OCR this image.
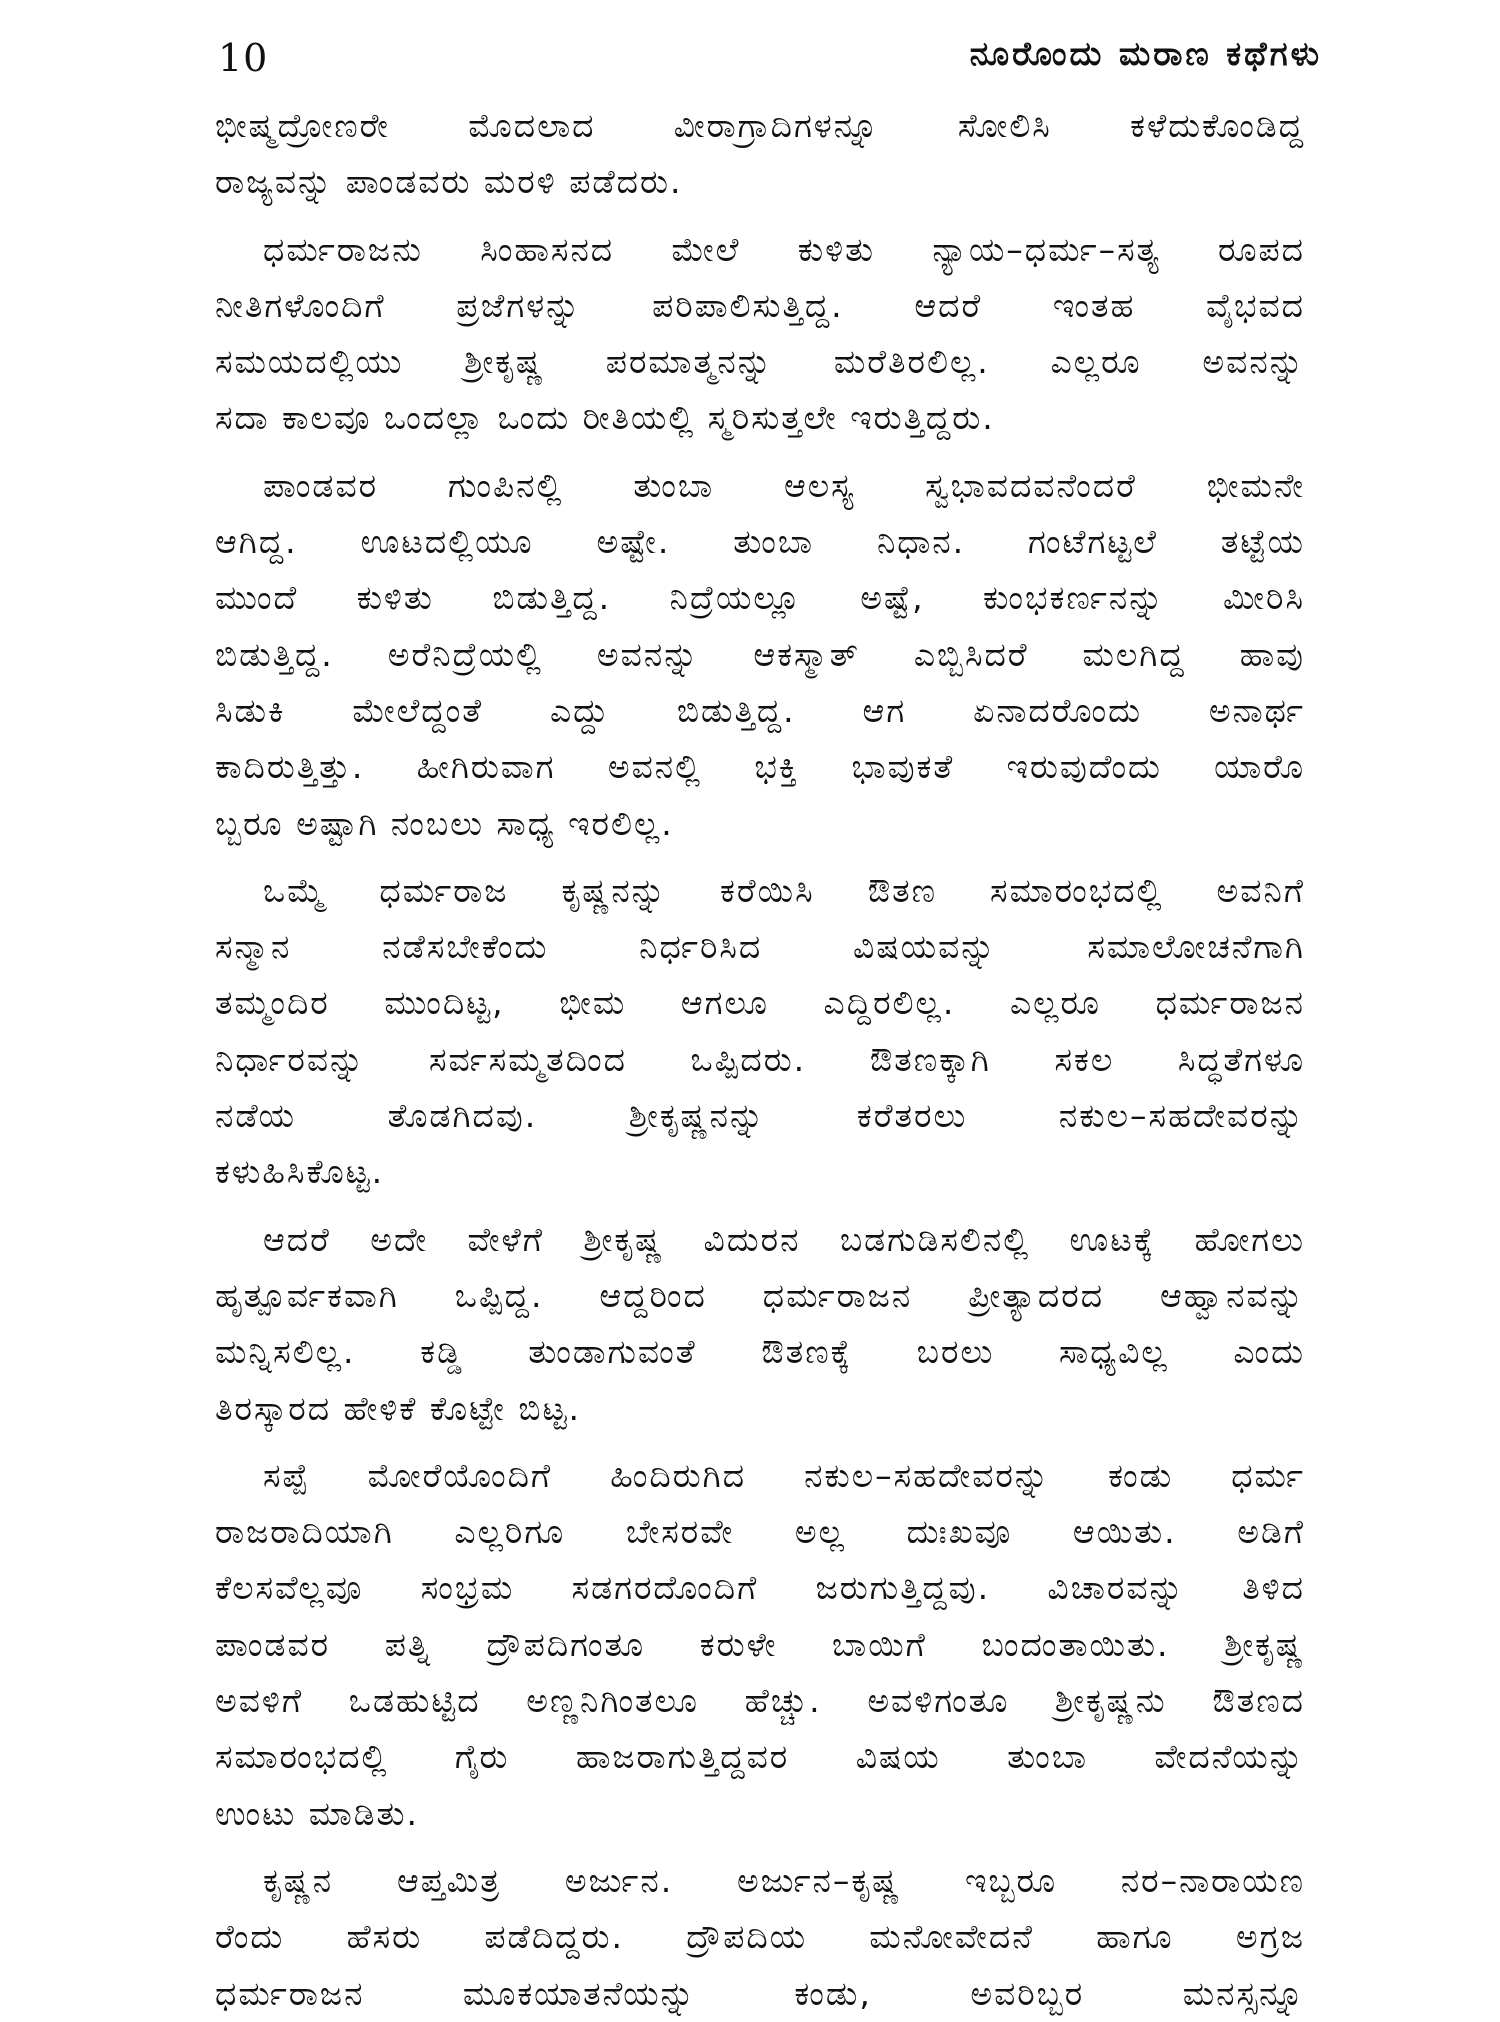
10	ನೂರೊಂದು ಮರಾಣ ಕಥೆಗಳು
ಭೀಷ್ಮದ್ರೋಣರೇ ಮೊದಲಾದ ವೀರಾಗ್ರಾದಿಗಳನ್ನೂ ಸೋಲಿಸಿ ಕಳೆದುಕೊಂಡಿದ್ದ
ರಾಜ್ಯವನ್ನು ಪಾಂಡವರು ಮರಳಿ ಪಡೆದರು.
ಧರ್ಮರಾಜನು ಸಿಂಹಾಸನದ ಮೇಲೆ ಕುಳಿತು ನ್ಯಾಯ–ಧರ್ಮ–ಸತ್ಯ ರೂಪದ
ನೀತಿಗಳೊಂದಿಗೆ ಪ್ರಜೆಗಳನ್ನು ಪರಿಪಾಲಿಸುತ್ತಿದ್ದ. ಆದರೆ ಇಂತಹ ವೈಭವದ
ಸಮಯದಲ್ಲಿಯು ಶ್ರೀಕೃಷ್ಣ ಪರಮಾತ್ಮನನ್ನು ಮರೆತಿರಲಿಲ್ಲ. ಎಲ್ಲರೂ ಅವನನ್ನು
ಸದಾ ಕಾಲವೂ ಒಂದಲ್ಲಾ ಒಂದು ರೀತಿಯಲ್ಲಿ ಸ್ಮರಿಸುತ್ತಲೇ ಇರುತ್ತಿದ್ದರು.
ಪಾಂಡವರ ಗುಂಪಿನಲ್ಲಿ ತುಂಬಾ ಆಲಸ್ಯ ಸ್ವಭಾವದವನೆಂದರೆ ಭೀಮನೇ
ಆಗಿದ್ದ. ಊಟದಲ್ಲಿಯೂ ಅಷ್ಟೇ. ತುಂಬಾ ನಿಧಾನ. ಗಂಟೆಗಟ್ಟಲೆ ತಟ್ಟೆಯ
ಮುಂದೆ ಕುಳಿತು ಬಿಡುತ್ತಿದ್ದ. ನಿದ್ರೆಯಲ್ಲೂ ಅಷ್ಟೆ, ಕುಂಭಕರ್ಣನನ್ನು ಮೀರಿಸಿ
ಬಿಡುತ್ತಿದ್ದ. ಅರೆನಿದ್ರೆಯಲ್ಲಿ ಅವನನ್ನು ಆಕಸ್ಮಾತ್ ಎಬ್ಬಿಸಿದರೆ ಮಲಗಿದ್ದ ಹಾವು
ಸಿಡುಕಿ ಮೇಲೆದ್ದಂತೆ ಎದ್ದು ಬಿಡುತ್ತಿದ್ದ. ಆಗ ಏನಾದರೊಂದು ಅನಾರ್ಥ
ಕಾದಿರುತ್ತಿತ್ತು. ಹೀಗಿರುವಾಗ ಅವನಲ್ಲಿ ಭಕ್ತಿ ಭಾವುಕತೆ ಇರುವುದೆಂದು ಯಾರೊ
ಬ್ಬರೂ ಅಷ್ಟಾಗಿ ನಂಬಲು ಸಾಧ್ಯ ಇರಲಿಲ್ಲ.
ಒಮ್ಮೆ ಧರ್ಮರಾಜ ಕೃಷ್ಣನನ್ನು ಕರೆಯಿಸಿ ಔತಣ ಸಮಾರಂಭದಲ್ಲಿ ಅವನಿಗೆ
ಸನ್ಮಾನ ನಡೆಸಬೇಕೆಂದು ನಿರ್ಧರಿಸಿದ ವಿಷಯವನ್ನು ಸಮಾಲೋಚನೆಗಾಗಿ
ತಮ್ಮಂದಿರ ಮುಂದಿಟ್ಟ, ಭೀಮ ಆಗಲೂ ಎದ್ದಿರಲಿಲ್ಲ. ಎಲ್ಲರೂ ಧರ್ಮರಾಜನ
ನಿರ್ಧಾರವನ್ನು ಸರ್ವಸಮ್ಮತದಿಂದ ಒಪ್ಪಿದರು. ಔತಣಕ್ಕಾಗಿ ಸಕಲ ಸಿದ್ಧತೆಗಳೂ
ನಡೆಯ ತೊಡಗಿದವು. ಶ್ರೀಕೃಷ್ಣನನ್ನು ಕರೆತರಲು ನಕುಲ–ಸಹದೇವರನ್ನು
ಕಳುಹಿಸಿಕೊಟ್ಟ.
ಆದರೆ ಅದೇ ವೇಳೆಗೆ ಶ್ರೀಕೃಷ್ಣ ವಿದುರನ ಬಡಗುಡಿಸಲಿನಲ್ಲಿ ಊಟಕ್ಕೆ ಹೋಗಲು
ಹೃತ್ಪೂರ್ವಕವಾಗಿ ಒಪ್ಪಿದ್ದ. ಆದ್ದರಿಂದ ಧರ್ಮರಾಜನ ಪ್ರೀತ್ಯಾದರದ ಆಹ್ವಾನವನ್ನು
ಮನ್ನಿಸಲಿಲ್ಲ. ಕಡ್ಡಿ ತುಂಡಾಗುವಂತೆ ಔತಣಕ್ಕೆ ಬರಲು ಸಾಧ್ಯವಿಲ್ಲ ಎಂದು
ತಿರಸ್ಕಾರದ ಹೇಳಿಕೆ ಕೊಟ್ಟೇ ಬಿಟ್ಟ.
ಸಪ್ಪೆ ಮೋರೆಯೊಂದಿಗೆ ಹಿಂದಿರುಗಿದ ನಕುಲ–ಸಹದೇವರನ್ನು ಕಂಡು ಧರ್ಮ
ರಾಜರಾದಿಯಾಗಿ ಎಲ್ಲರಿಗೂ ಬೇಸರವೇ ಅಲ್ಲ ದುಃಖವೂ ಆಯಿತು. ಅಡಿಗೆ
ಕೆಲಸವೆಲ್ಲವೂ ಸಂಭ್ರಮ ಸಡಗರದೊಂದಿಗೆ ಜರುಗುತ್ತಿದ್ದವು. ವಿಚಾರವನ್ನು ತಿಳಿದ
ಪಾಂಡವರ ಪತ್ನಿ ದ್ರೌಪದಿಗಂತೂ ಕರುಳೇ ಬಾಯಿಗೆ ಬಂದಂತಾಯಿತು. ಶ್ರೀಕೃಷ್ಣ
ಅವಳಿಗೆ ಒಡಹುಟ್ಟಿದ ಅಣ್ಣನಿಗಿಂತಲೂ ಹೆಚ್ಚು. ಅವಳಿಗಂತೂ ಶ್ರೀಕೃಷ್ಣನು ಔತಣದ
ಸಮಾರಂಭದಲ್ಲಿ ಗೈರು ಹಾಜರಾಗುತ್ತಿದ್ದವರ ವಿಷಯ ತುಂಬಾ ವೇದನೆಯನ್ನು
ಉಂಟು ಮಾಡಿತು.
ಕೃಷ್ಣನ ಆಪ್ತಮಿತ್ರ ಅರ್ಜುನ. ಅರ್ಜುನ–ಕೃಷ್ಣ ಇಬ್ಬರೂ ನರ–ನಾರಾಯಣ
ರೆಂದು ಹೆಸರು ಪಡೆದಿದ್ದರು. ದ್ರೌಪದಿಯ ಮನೋವೇದನೆ ಹಾಗೂ ಅಗ್ರಜ
ಧರ್ಮರಾಜನ ಮೂಕಯಾತನೆಯನ್ನು ಕಂಡು, ಅವರಿಬ್ಬರ ಮನಸ್ಸನ್ನೂ
